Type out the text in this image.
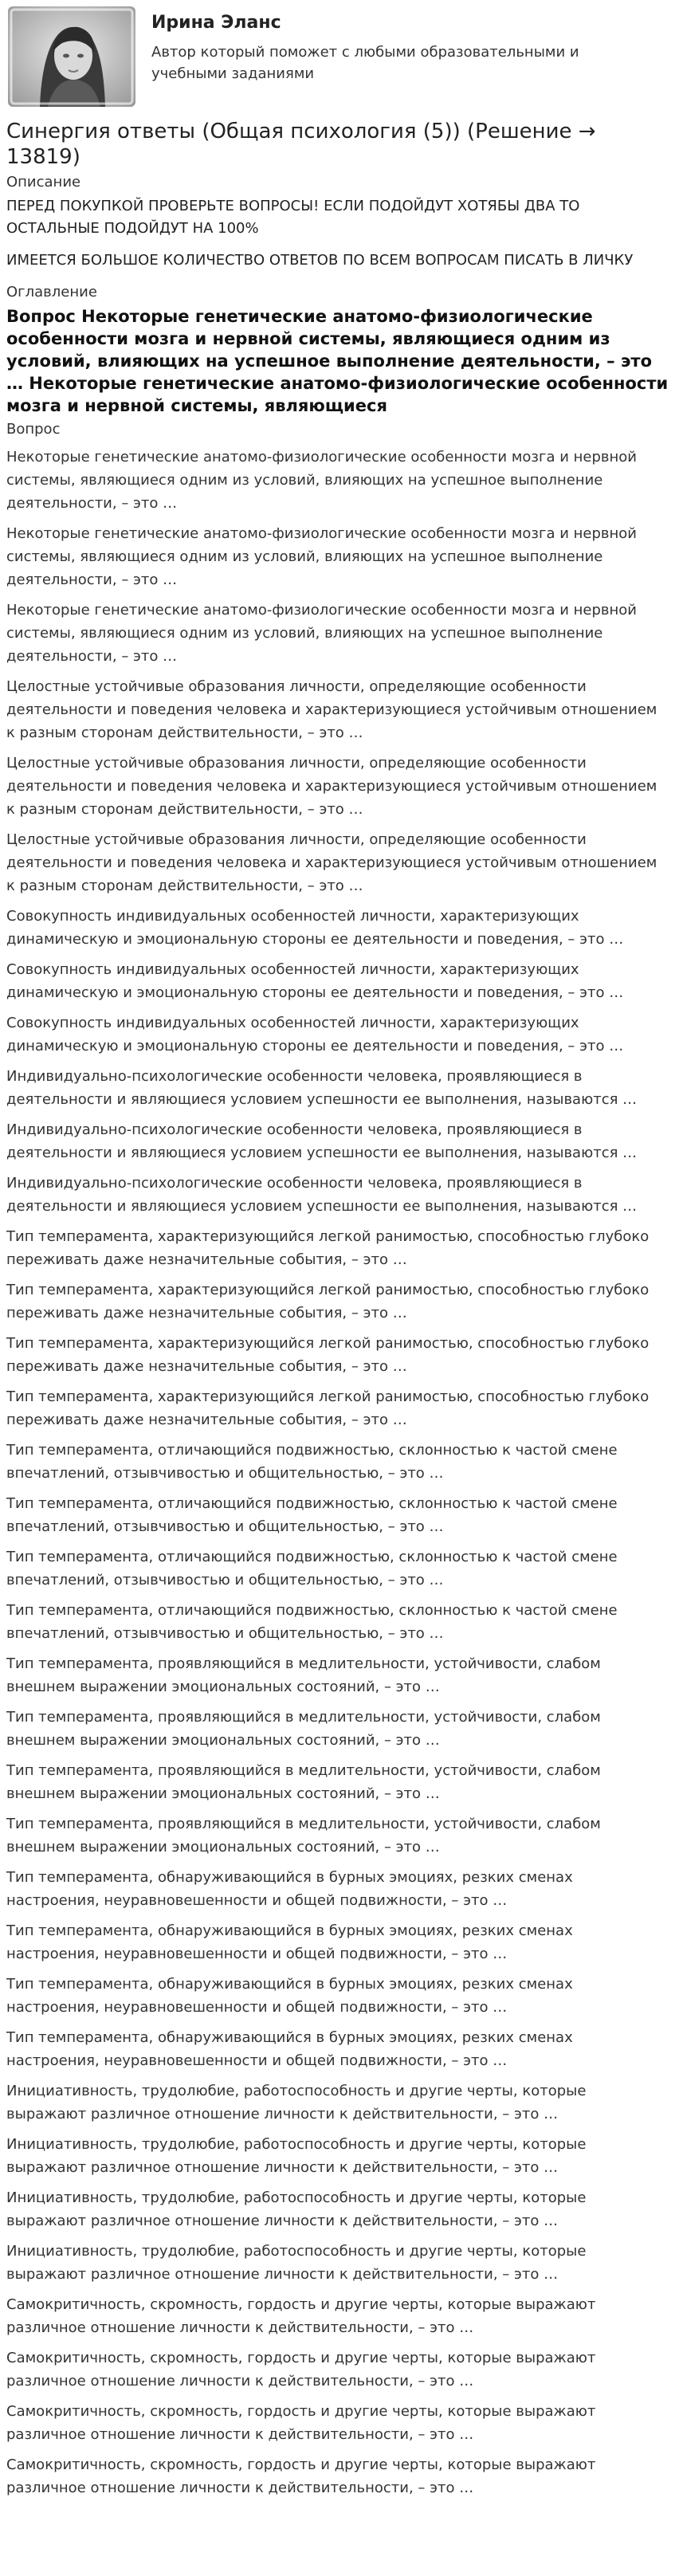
Ирина Эланс
Автор который поможет с любыми образовательными и учебными заданиями
Синергия ответы (Общая психология (5)) (Решение → 13819)
Описание
ПЕРЕД ПОКУПКОЙ ПРОВЕРЬТЕ ВОПРОСЫ! ЕСЛИ ПОДОЙДУТ ХОТЯБЫ ДВА ТО ОСТАЛЬНЫЕ ПОДОЙДУТ НА 100%
ИМЕЕТСЯ БОЛЬШОЕ КОЛИЧЕСТВО ОТВЕТОВ ПО ВСЕМ ВОПРОСАМ ПИСАТЬ В ЛИЧКУ
Оглавление
Вопрос Некоторые генетические анатомо-физиологические особенности мозга и нервной системы, являющиеся одним из условий, влияющих на успешное выполнение деятельности, – это … Некоторые генетические анатомо-физиологические особенности мозга и нервной системы, являющиеся
Вопрос
Некоторые генетические анатомо-физиологические особенности мозга и нервной системы, являющиеся одним из условий, влияющих на успешное выполнение деятельности, – это …
Некоторые генетические анатомо-физиологические особенности мозга и нервной системы, являющиеся одним из условий, влияющих на успешное выполнение деятельности, – это …
Некоторые генетические анатомо-физиологические особенности мозга и нервной системы, являющиеся одним из условий, влияющих на успешное выполнение деятельности, – это …
Целостные устойчивые образования личности, определяющие особенности деятельности и поведения человека и характеризующиеся устойчивым отношением к разным сторонам действительности, – это …
Целостные устойчивые образования личности, определяющие особенности деятельности и поведения человека и характеризующиеся устойчивым отношением к разным сторонам действительности, – это …
Целостные устойчивые образования личности, определяющие особенности деятельности и поведения человека и характеризующиеся устойчивым отношением к разным сторонам действительности, – это …
Совокупность индивидуальных особенностей личности, характеризующих динамическую и эмоциональную стороны ее деятельности и поведения, – это …
Совокупность индивидуальных особенностей личности, характеризующих динамическую и эмоциональную стороны ее деятельности и поведения, – это …
Совокупность индивидуальных особенностей личности, характеризующих динамическую и эмоциональную стороны ее деятельности и поведения, – это …
Индивидуально-психологические особенности человека, проявляющиеся в деятельности и являющиеся условием успешности ее выполнения, называются …
Индивидуально-психологические особенности человека, проявляющиеся в деятельности и являющиеся условием успешности ее выполнения, называются …
Индивидуально-психологические особенности человека, проявляющиеся в деятельности и являющиеся условием успешности ее выполнения, называются …
Тип темперамента, характеризующийся легкой ранимостью, способностью глубоко переживать даже незначительные события, – это …
Тип темперамента, характеризующийся легкой ранимостью, способностью глубоко переживать даже незначительные события, – это …
Тип темперамента, характеризующийся легкой ранимостью, способностью глубоко переживать даже незначительные события, – это …
Тип темперамента, характеризующийся легкой ранимостью, способностью глубоко переживать даже незначительные события, – это …
Тип темперамента, отличающийся подвижностью, склонностью к частой смене впечатлений, отзывчивостью и общительностью, – это …
Тип темперамента, отличающийся подвижностью, склонностью к частой смене впечатлений, отзывчивостью и общительностью, – это …
Тип темперамента, отличающийся подвижностью, склонностью к частой смене впечатлений, отзывчивостью и общительностью, – это …
Тип темперамента, отличающийся подвижностью, склонностью к частой смене впечатлений, отзывчивостью и общительностью, – это …
Тип темперамента, проявляющийся в медлительности, устойчивости, слабом внешнем выражении эмоциональных состояний, – это …
Тип темперамента, проявляющийся в медлительности, устойчивости, слабом внешнем выражении эмоциональных состояний, – это …
Тип темперамента, проявляющийся в медлительности, устойчивости, слабом внешнем выражении эмоциональных состояний, – это …
Тип темперамента, проявляющийся в медлительности, устойчивости, слабом внешнем выражении эмоциональных состояний, – это …
Тип темперамента, обнаруживающийся в бурных эмоциях, резких сменах настроения, неуравновешенности и общей подвижности, – это …
Тип темперамента, обнаруживающийся в бурных эмоциях, резких сменах настроения, неуравновешенности и общей подвижности, – это …
Тип темперамента, обнаруживающийся в бурных эмоциях, резких сменах настроения, неуравновешенности и общей подвижности, – это …
Тип темперамента, обнаруживающийся в бурных эмоциях, резких сменах настроения, неуравновешенности и общей подвижности, – это …
Инициативность, трудолюбие, работоспособность и другие черты, которые выражают различное отношение личности к действительности, – это …
Инициативность, трудолюбие, работоспособность и другие черты, которые выражают различное отношение личности к действительности, – это …
Инициативность, трудолюбие, работоспособность и другие черты, которые выражают различное отношение личности к действительности, – это …
Инициативность, трудолюбие, работоспособность и другие черты, которые выражают различное отношение личности к действительности, – это …
Самокритичность, скромность, гордость и другие черты, которые выражают различное отношение личности к действительности, – это …
Самокритичность, скромность, гордость и другие черты, которые выражают различное отношение личности к действительности, – это …
Самокритичность, скромность, гордость и другие черты, которые выражают различное отношение личности к действительности, – это …
Самокритичность, скромность, гордость и другие черты, которые выражают различное отношение личности к действительности, – это …
